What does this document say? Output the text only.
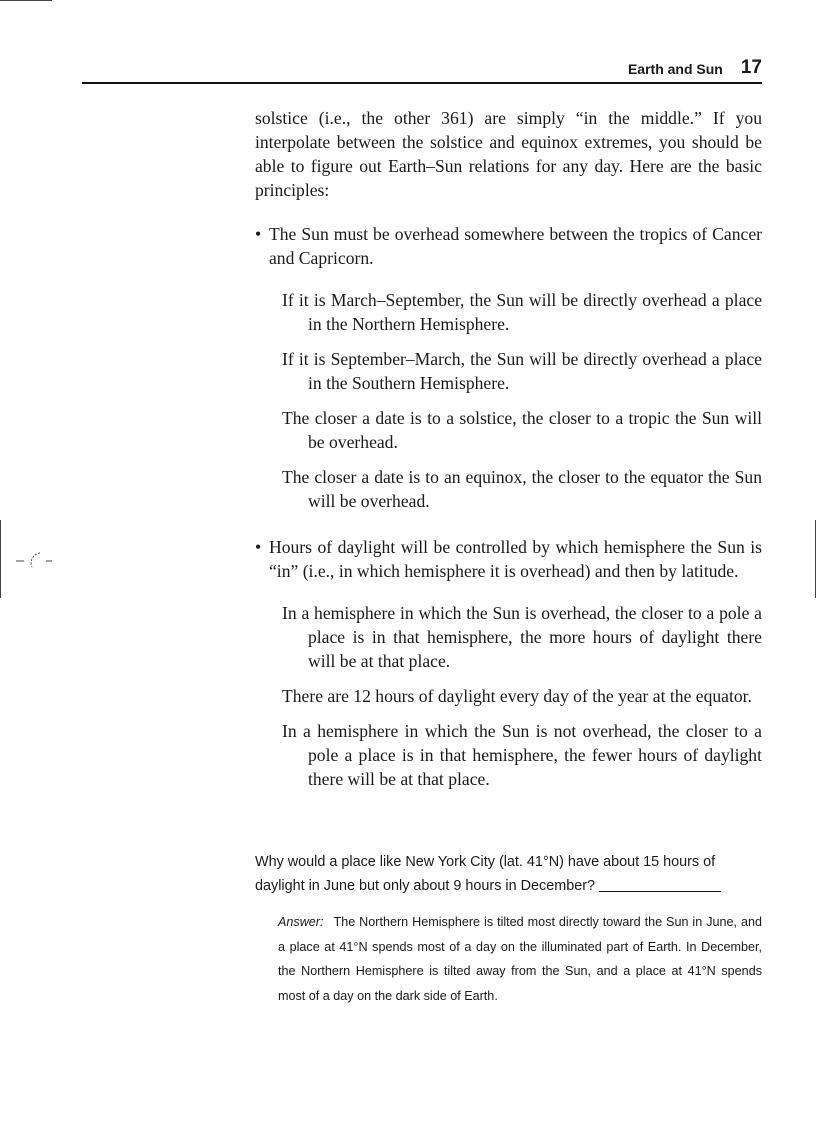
Earth and Sun 17

solstice (i.e., the other 361) are simply “in the middle.” If you interpolate between the solstice and equinox extremes, you should be able to figure out Earth–Sun relations for any day. Here are the basic principles:

• The Sun must be overhead somewhere between the tropics of Cancer and Capricorn.

If it is March–September, the Sun will be directly overhead a place in the Northern Hemisphere.

If it is September–March, the Sun will be directly overhead a place in the Southern Hemisphere.

The closer a date is to a solstice, the closer to a tropic the Sun will be overhead.

The closer a date is to an equinox, the closer to the equator the Sun will be overhead.

• Hours of daylight will be controlled by which hemisphere the Sun is “in” (i.e., in which hemisphere it is overhead) and then by latitude.

In a hemisphere in which the Sun is overhead, the closer to a pole a place is in that hemisphere, the more hours of daylight there will be at that place.

There are 12 hours of daylight every day of the year at the equator.

In a hemisphere in which the Sun is not overhead, the closer to a pole a place is in that hemisphere, the fewer hours of daylight there will be at that place.

Why would a place like New York City (lat. 41°N) have about 15 hours of daylight in June but only about 9 hours in December?
Answer: The Northern Hemisphere is tilted most directly toward the Sun in June, and a place at 41°N spends most of a day on the illuminated part of Earth. In December, the Northern Hemisphere is tilted away from the Sun, and a place at 41°N spends most of a day on the dark side of Earth.
